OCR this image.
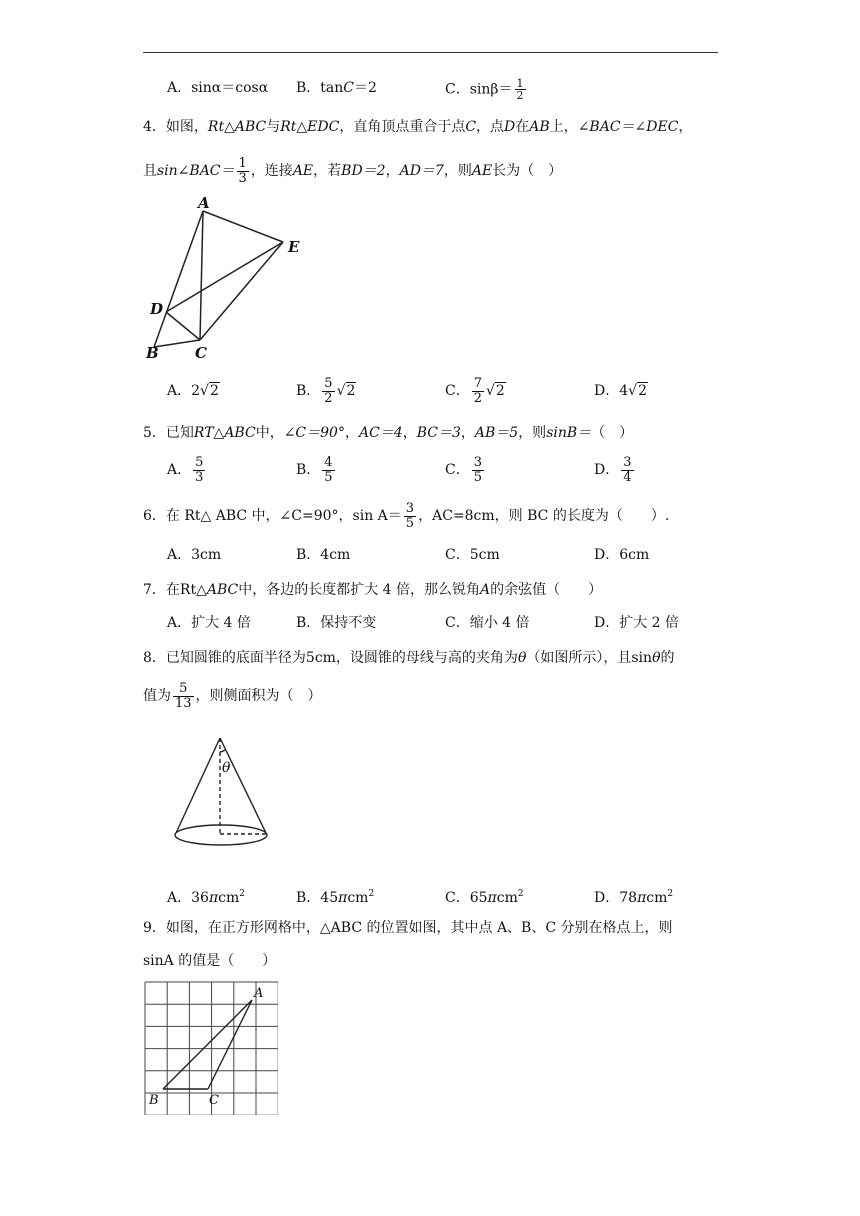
A．sinα＝cosα B．tanC＝2	C．$\sin\beta= \frac{1}{2}$
4．如图，Rt△ABC与Rt△EDC，直角顶点重合于点C，点D在AB上，∠BAC＝∠DEC，
且sin∠BAC＝ $\frac{1}{3}$ ，连接AE，若BD＝2，AD＝7，则AE长为（　）
A
E
D
B C
A．2√2	B． $\frac{5}{2} √2$	C． $\frac{7}{2} √2$	D．4√2
5．已知RT△ABC中，∠C＝90°，AC＝4，BC＝3，AB＝5，则sinB＝（　）
A． $\frac{5}{3}$	B． $\frac{4}{5}$	C． $\frac{3}{5}$	D． $\frac{3}{4}$
6．在 Rt△ ABC 中，∠C=90°，$\sin A= \frac{3}{5}$ ，AC=8cm，则 BC 的长度为（　　）.
A．3cm	B．4cm	C．5cm	D．6cm
7．在Rt△ABC中，各边的长度都扩大 4 倍，那么锐角A的余弦值（　　）
A．扩大 4 倍	B．保持不变	C．缩小 4 倍	D．扩大 2 倍
8．已知圆锥的底面半径为5cm，设圆锥的母线与高的夹角为θ（如图所示），且sinθ的
值为 $\frac{5}{13}$ ，则侧面积为（　）
θ
A．36πcm$^2$	B．45πcm$^2$	C．65πcm$^2$	D．78πcm$^2$
9．如图，在正方形网格中，△ABC 的位置如图，其中点 A、B、C 分别在格点上，则
sinA 的值是（　　）
A
B	C
